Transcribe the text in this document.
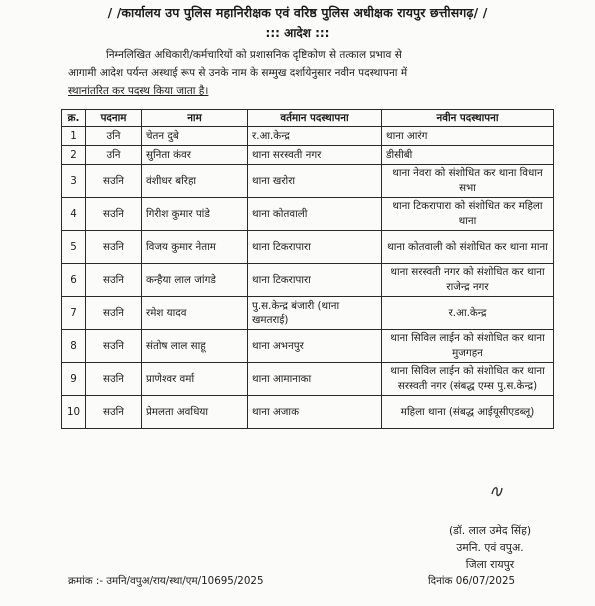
/ /कार्यालय उप पुलिस महानिरीक्षक एवं वरिष्ठ पुलिस अधीक्षक रायपुर छत्तीसगढ़/ /
::: आदेश :::
निम्नलिखित अधिकारी/कर्मचारियों को प्रशासनिक दृष्टिकोण से तत्काल प्रभाव से
आगामी आदेश पर्यन्त अस्थाई रूप से उनके नाम के सम्मुख दर्शायेनुसार नवीन पदस्थापना में
स्थानांतरित कर पदस्थ किया जाता है।
क्र.	पदनाम	नाम	वर्तमान पदस्थापना	नवीन पदस्थापना
1	उनि	चेतन दुबे	र.आ.केन्द्र	थाना आरंग
2	उनि	सुनिता कंवर	थाना सरस्वती नगर	डीसीबी
3	सउनि	वंशीधर बरिहा	थाना खरोरा	थाना नेवरा को संशोधित कर थाना विधान सभा
4	सउनि	गिरीश कुमार पांडे	थाना कोतवाली	थाना टिकरापारा को संशोधित कर महिला थाना
5	सउनि	विजय कुमार नेताम	थाना टिकरापारा	थाना कोतवाली को संशोधित कर थाना माना
6	सउनि	कन्हैया लाल जांगडे	थाना टिकरापारा	थाना सरस्वती नगर को संशोधित कर थाना राजेन्द्र नगर
7	सउनि	रमेश यादव	पु.स.केन्द्र बंजारी (थाना खमतराई)	र.आ.केन्द्र
8	सउनि	संतोष लाल साहू	थाना अभनपुर	थाना सिविल लाईन को संशोधित कर थाना मुजगहन
9	सउनि	प्राणेश्वर वर्मा	थाना आमानाका	थाना सिविल लाईन को संशोधित कर थाना सरस्वती नगर (संबद्ध एम्स पु.स.केन्द्र)
10	सउनि	प्रेमलता अवधिया	थाना अजाक	महिला थाना (संबद्ध आईयूसीएडब्लू)
(डॉ. लाल उमेद सिंह)
उमनि. एवं वपुअ.
जिला रायपुर
क्रमांक :- उमनि/वपुअ/राय/स्था/एम/10695/2025	दिनांक 06/07/2025
